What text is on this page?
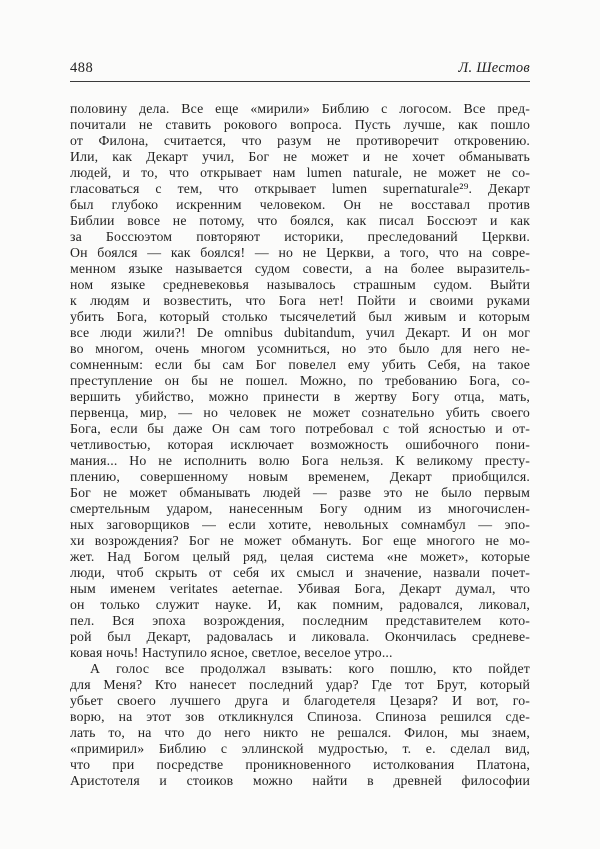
488	Л. Шестов
половину дела. Все еще «мирили» Библию с логосом. Все пред-
почитали не ставить рокового вопроса. Пусть лучше, как пошло
от Филона, считается, что разум не противоречит откровению.
Или, как Декарт учил, Бог не может и не хочет обманывать
людей, и то, что открывает нам lumen naturale, не может не со-
гласоваться с тем, что открывает lumen supernaturale²⁹. Декарт
был глубоко искренним человеком. Он не восставал против
Библии вовсе не потому, что боялся, как писал Боссюэт и как
за Боссюэтом повторяют историки, преследований Церкви.
Он боялся — как боялся! — но не Церкви, а того, что на совре-
менном языке называется судом совести, а на более выразитель-
ном языке средневековья называлось страшным судом. Выйти
к людям и возвестить, что Бога нет! Пойти и своими руками
убить Бога, который столько тысячелетий был живым и которым
все люди жили?! De omnibus dubitandum, учил Декарт. И он мог
во многом, очень многом усомниться, но это было для него не-
сомненным: если бы сам Бог повелел ему убить Себя, на такое
преступление он бы не пошел. Можно, по требованию Бога, со-
вершить убийство, можно принести в жертву Богу отца, мать,
первенца, мир, — но человек не может сознательно убить своего
Бога, если бы даже Он сам того потребовал с той ясностью и от-
четливостью, которая исключает возможность ошибочного пони-
мания... Но не исполнить волю Бога нельзя. К великому престу-
плению, совершенному новым временем, Декарт приобщился.
Бог не может обманывать людей — разве это не было первым
смертельным ударом, нанесенным Богу одним из многочислен-
ных заговорщиков — если хотите, невольных сомнамбул — эпо-
хи возрождения? Бог не может обмануть. Бог еще многого не мо-
жет. Над Богом целый ряд, целая система «не может», которые
люди, чтоб скрыть от себя их смысл и значение, назвали почет-
ным именем veritates aeternae. Убивая Бога, Декарт думал, что
он только служит науке. И, как помним, радовался, ликовал,
пел. Вся эпоха возрождения, последним представителем кото-
рой был Декарт, радовалась и ликовала. Окончилась средневе-
ковая ночь! Наступило ясное, светлое, веселое утро...
А голос все продолжал взывать: кого пошлю, кто пойдет
для Меня? Кто нанесет последний удар? Где тот Брут, который
убьет своего лучшего друга и благодетеля Цезаря? И вот, го-
ворю, на этот зов откликнулся Спиноза. Спиноза решился сде-
лать то, на что до него никто не решался. Филон, мы знаем,
«примирил» Библию с эллинской мудростью, т. е. сделал вид,
что при посредстве проникновенного истолкования Платона,
Аристотеля и стоиков можно найти в древней философии
